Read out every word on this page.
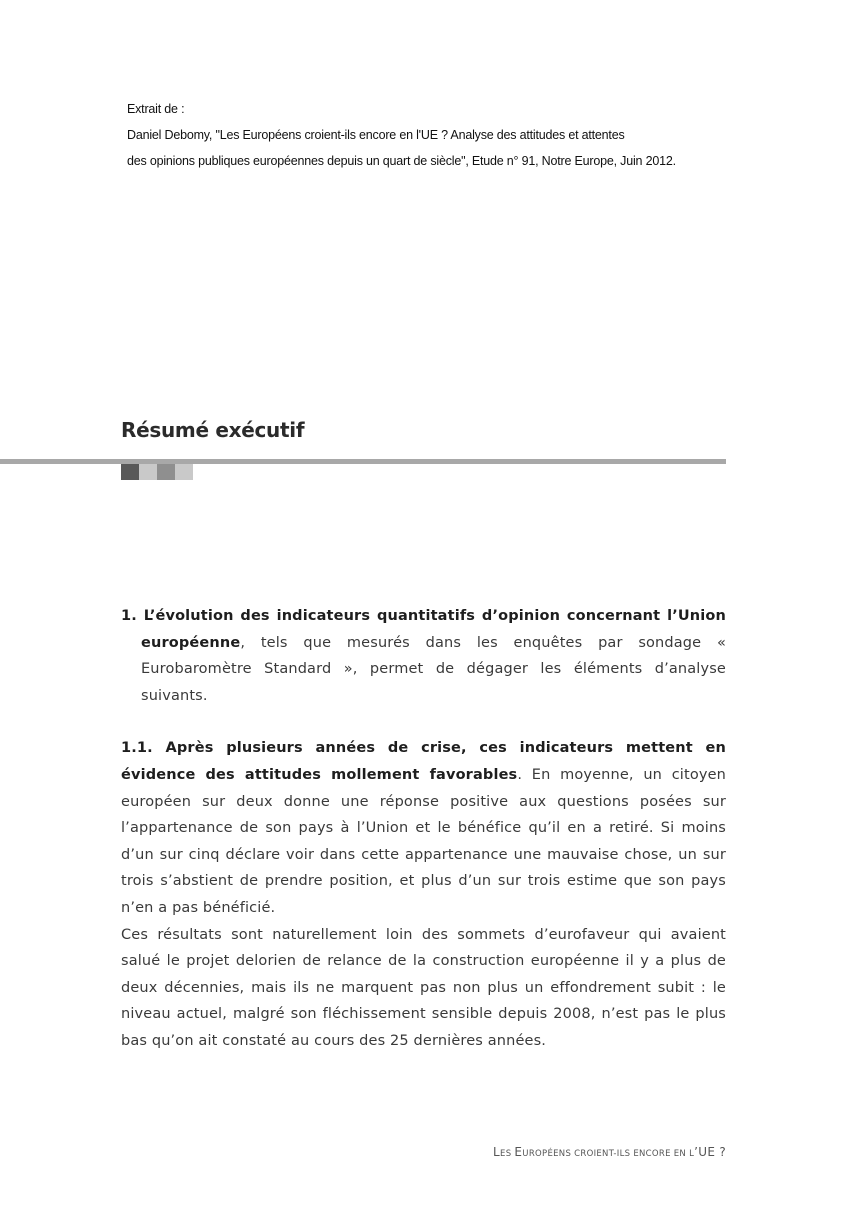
Extrait de :
Daniel Debomy, "Les Européens croient-ils encore en l'UE ? Analyse des attitudes et attentes
des opinions publiques européennes depuis un quart de siècle", Etude n° 91, Notre Europe, Juin 2012.
Résumé exécutif

1. L’évolution des indicateurs quantitatifs d’opinion concernant l’Union européenne, tels que mesurés dans les enquêtes par sondage « Eurobaromètre Standard », permet de dégager les éléments d’analyse suivants.

1.1. Après plusieurs années de crise, ces indicateurs mettent en évidence des attitudes mollement favorables. En moyenne, un citoyen européen sur deux donne une réponse positive aux questions posées sur l’appartenance de son pays à l’Union et le bénéfice qu’il en a retiré. Si moins d’un sur cinq déclare voir dans cette appartenance une mauvaise chose, un sur trois s’abstient de prendre position, et plus d’un sur trois estime que son pays n’en a pas bénéficié.

Ces résultats sont naturellement loin des sommets d’eurofaveur qui avaient salué le projet delorien de relance de la construction européenne il y a plus de deux décennies, mais ils ne marquent pas non plus un effondrement subit : le niveau actuel, malgré son fléchissement sensible depuis 2008, n’est pas le plus bas qu’on ait constaté au cours des 25 dernières années.

LES EUROPÉENS CROIENT-ILS ENCORE EN L’UE ?
